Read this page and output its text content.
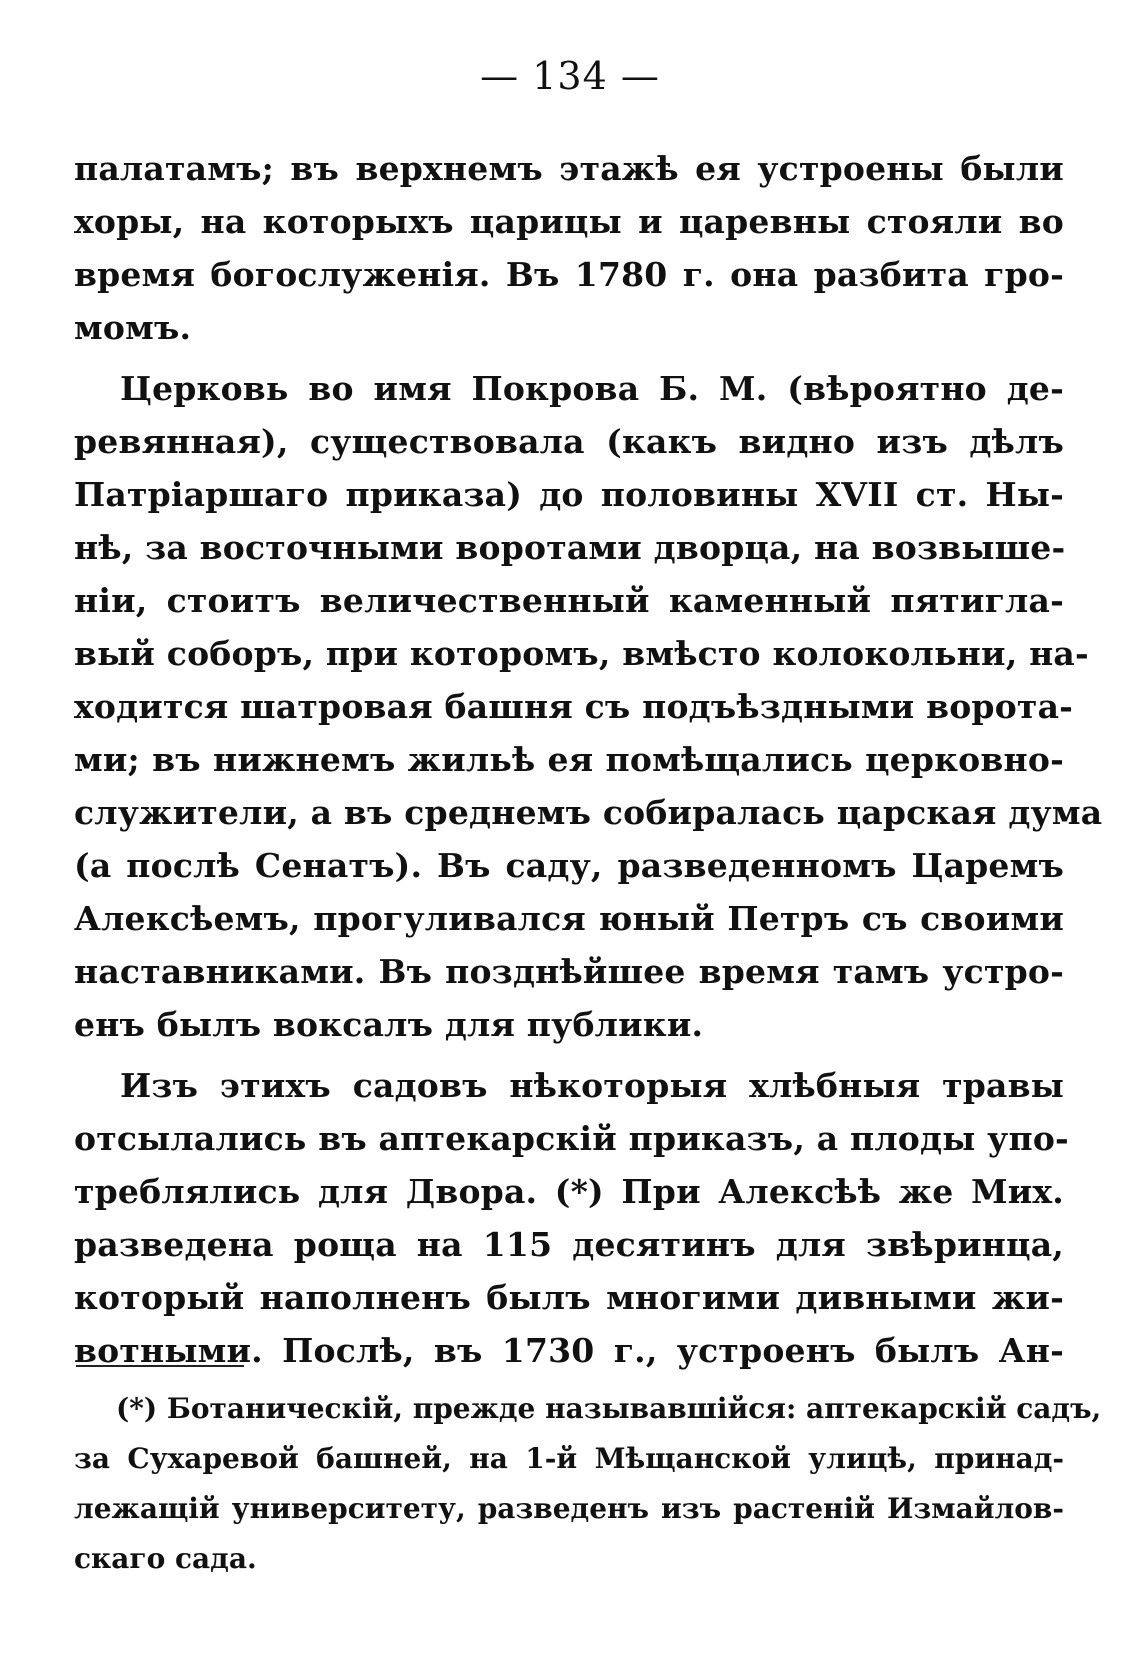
— 134 —
палатамъ; въ верхнемъ этажѣ ея устроены были
хоры, на которыхъ царицы и царевны стояли во
время богослуженія. Въ 1780 г. она разбита гро-
момъ.
Церковь во имя Покрова Б. М. (вѣроятно де-
ревянная), существовала (какъ видно изъ дѣлъ
Патріаршаго приказа) до половины XVII ст. Ны-
нѣ, за восточными воротами дворца, на возвыше-
ніи, стоитъ величественный каменный пятигла-
вый соборъ, при которомъ, вмѣсто колокольни, на-
ходится шатровая башня съ подъѣздными ворота-
ми; въ нижнемъ жильѣ ея помѣщались церковно-
служители, а въ среднемъ собиралась царская дума
(а послѣ Сенатъ). Въ саду, разведенномъ Царемъ
Алексѣемъ, прогуливался юный Петръ съ своими
наставниками. Въ позднѣйшее время тамъ устро-
енъ былъ воксалъ для публики.
Изъ этихъ садовъ нѣкоторыя хлѣбныя травы
отсылались въ аптекарскій приказъ, а плоды упо-
треблялись для Двора. (*) При Алексѣѣ же Мих.
разведена роща на 115 десятинъ для звѣринца,
который наполненъ былъ многими дивными жи-
вотными. Послѣ, въ 1730 г., устроенъ былъ Ан-
(*) Ботаническій, прежде называвшійся: аптекарскій садъ,
за Сухаревой башней, на 1-й Мѣщанской улицѣ, принад-
лежащій университету, разведенъ изъ растеній Измайлов-
скаго сада.
